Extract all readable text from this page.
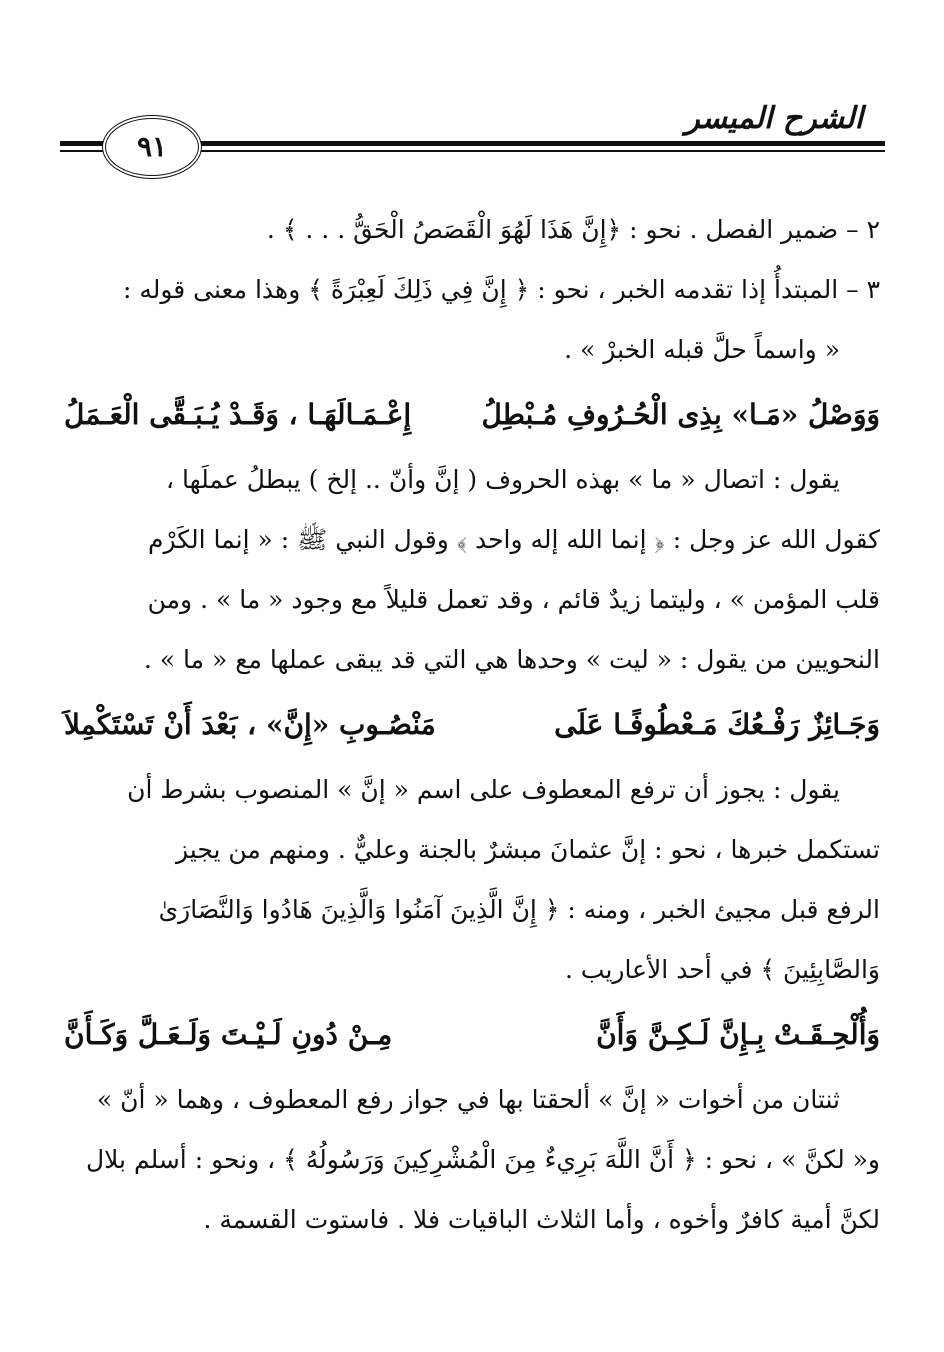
٩١
الشرح الميسر
٢ – ضمير الفصل . نحو : ﴿إِنَّ هَذَا لَهُوَ الْقَصَصُ الْحَقُّ . . . ﴾ .
٣ – المبتدأُ إذا تقدمه الخبر ، نحو : ﴿ إِنَّ فِي ذَلِكَ لَعِبْرَةً ﴾ وهذا معنى قوله :
« واسماً حلَّ قبله الخبرْ » .
وَوَصْلُ «مَـا» بِذِى الْحُـرُوفِ مُـبْطِلُ
إِعْـمَـالَهَـا ، وَقَـدْ يُـبَـقَّى الْعَـمَلُ
يقول : اتصال « ما » بهذه الحروف ( إنَّ وأنّ .. إلخ ) يبطلُ عملَها ،
كقول الله عز وجل : ﴿ إنما الله إله واحد ﴾ وقول النبي ﷺ : « إنما الكَرْم
قلب المؤمن » ، وليتما زيدٌ قائم ، وقد تعمل قليلاً مع وجود « ما » . ومن
النحويين من يقول : « ليت » وحدها هي التي قد يبقى عملها مع « ما » .
وَجَـائِزٌ رَفْـعُكَ مَـعْطُوفًـا عَلَى
مَنْصُـوبِ «إِنَّ» ، بَعْدَ أَنْ تَسْتَكْمِلاَ
يقول : يجوز أن ترفع المعطوف على اسم « إنَّ » المنصوب بشرط أن
تستكمل خبرها ، نحو : إنَّ عثمانَ مبشرٌ بالجنة وعليٌّ . ومنهم من يجيز
الرفع قبل مجيئ الخبر ، ومنه : ﴿ إِنَّ الَّذِينَ آمَنُوا وَالَّذِينَ هَادُوا وَالنَّصَارَىٰ
وَالصَّابِئِينَ ﴾ في أحد الأعاريب .
وَأُلْحِـقَـتْ بِـإِنَّ لَـكِـنَّ وَأَنَّ
مِـنْ دُونِ لَـيْـتَ وَلَـعَـلَّ وَكَـأَنَّ
ثنتان من أخوات « إنَّ » ألحقتا بها في جواز رفع المعطوف ، وهما « أنّ »
و« لكنَّ » ، نحو : ﴿ أَنَّ اللَّهَ بَرِيءٌ مِنَ الْمُشْرِكِينَ وَرَسُولُهُ ﴾ ، ونحو : أسلم بلال
لكنَّ أمية كافرٌ وأخوه ، وأما الثلاث الباقيات فلا . فاستوت القسمة .
